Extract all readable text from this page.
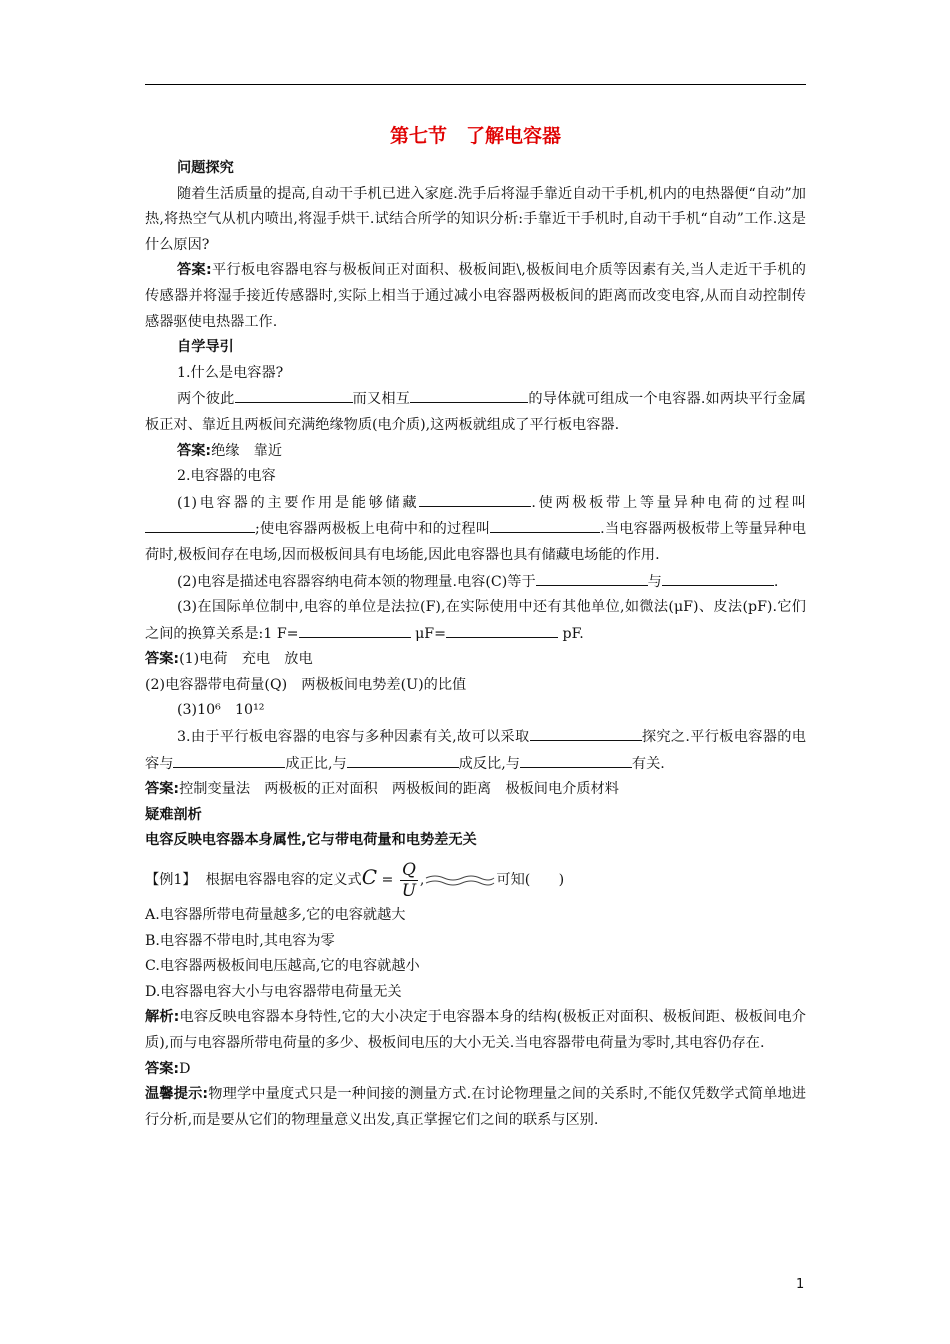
第七节　了解电容器
问题探究

随着生活质量的提高,自动干手机已进入家庭.洗手后将湿手靠近自动干手机,机内的电热器便“自动”加热,将热空气从机内喷出,将湿手烘干.试结合所学的知识分析:手靠近干手机时,自动干手机“自动”工作.这是什么原因?

答案:平行板电容器电容与极板间正对面积、极板间距\,极板间电介质等因素有关,当人走近干手机的传感器并将湿手接近传感器时,实际上相当于通过减小电容器两极板间的距离而改变电容,从而自动控制传感器驱使电热器工作.

自学导引

1.什么是电容器?

两个彼此	而又相互	的导体就可组成一个电容器.如两块平行金属板正对、靠近且两板间充满绝缘物质(电介质),这两板就组成了平行板电容器.

答案:绝缘　靠近

2.电容器的电容

(1)电容器的主要作用是能够储藏	.使两极板带上等量异种电荷的过程叫;使电容器两极板上电荷中和的过程叫	.当电容器两极板带上等量异种电荷时,极板间存在电场,因而极板间具有电场能,因此电容器也具有储藏电场能的作用.

(2)电容是描述电容器容纳电荷本领的物理量.电容(C)等于	与	.

(3)在国际单位制中,电容的单位是法拉(F),在实际使用中还有其他单位,如微法(μF)、皮法(pF).它们之间的换算关系是:1 F=	μF=	pF.

答案:(1)电荷　充电　放电

(2)电容器带电荷量(Q)　两极板间电势差(U)的比值

(3)10⁶　10¹²

3.由于平行板电容器的电容与多种因素有关,故可以采取	探究之.平行板电容器的电容与	成正比,与	成反比,与	有关.

答案:控制变量法　两极板的正对面积　两极板间的距离　极板间电介质材料

疑难剖析
电容反映电容器本身属性,它与带电荷量和电势差无关

【例1】 根据电容器电容的定义式$C = \frac{Q}{U}$ ,	可知(　　)

A.电容器所带电荷量越多,它的电容就越大

B.电容器不带电时,其电容为零

C.电容器两极板间电压越高,它的电容就越小

D.电容器电容大小与电容器带电荷量无关

解析:电容反映电容器本身特性,它的大小决定于电容器本身的结构(极板正对面积、极板间距、极板间电介质),而与电容器所带电荷量的多少、极板间电压的大小无关.当电容器带电荷量为零时,其电容仍存在.

答案:D

温馨提示:物理学中量度式只是一种间接的测量方式.在讨论物理量之间的关系时,不能仅凭数学式简单地进行分析,而是要从它们的物理量意义出发,真正掌握它们之间的联系与区别.

1
